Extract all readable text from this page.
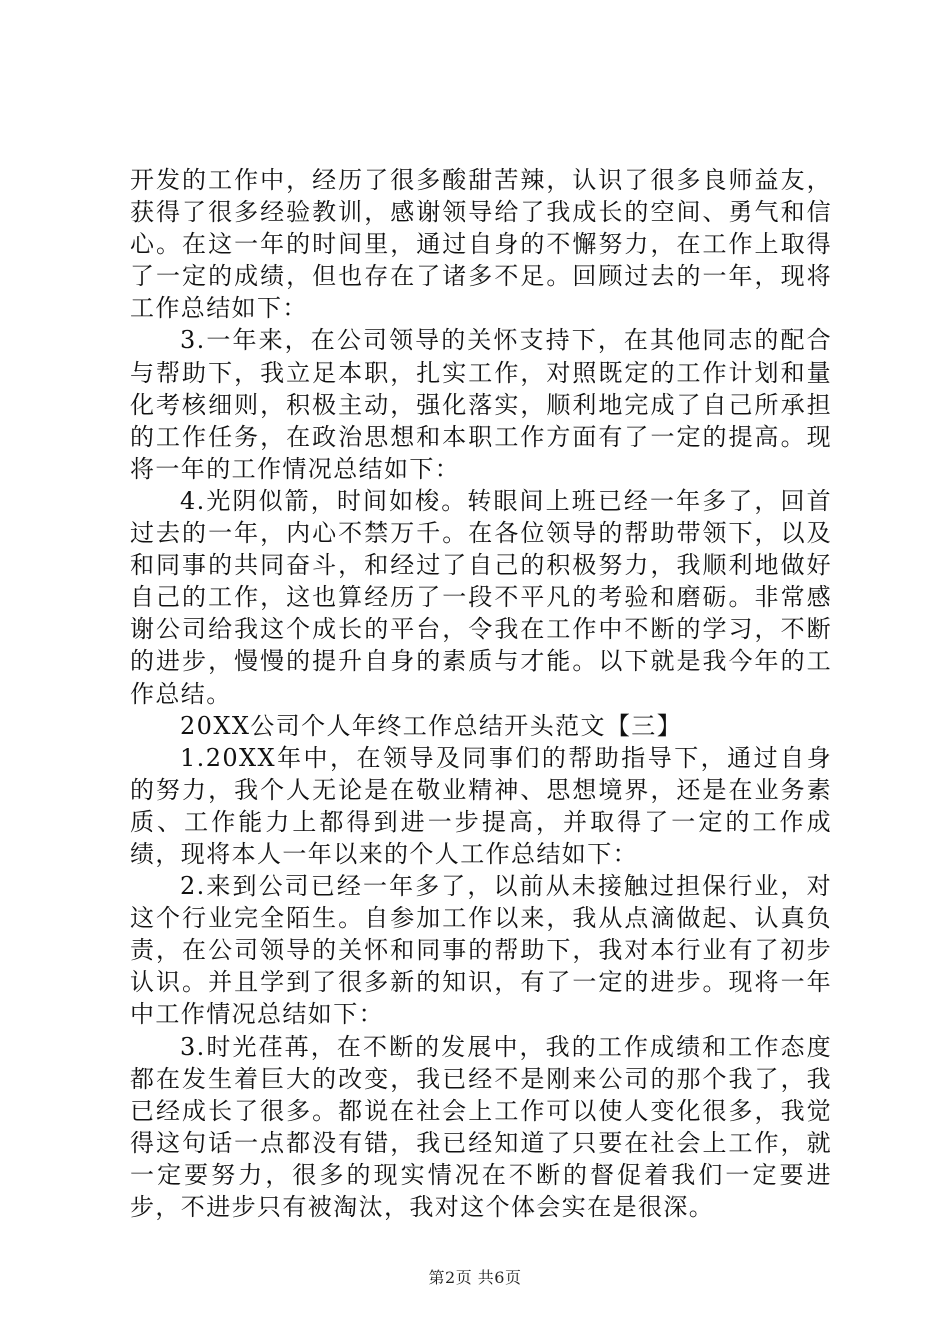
开发的工作中，经历了很多酸甜苦辣，认识了很多良师益友，获得了很多经验教训，感谢领导给了我成长的空间、勇气和信心。在这一年的时间里，通过自身的不懈努力，在工作上取得了一定的成绩，但也存在了诸多不足。回顾过去的一年，现将工作总结如下：

3.一年来，在公司领导的关怀支持下，在其他同志的配合与帮助下，我立足本职，扎实工作，对照既定的工作计划和量化考核细则，积极主动，强化落实，顺利地完成了自己所承担的工作任务，在政治思想和本职工作方面有了一定的提高。现将一年的工作情况总结如下：

4.光阴似箭，时间如梭。转眼间上班已经一年多了，回首过去的一年，内心不禁万千。在各位领导的帮助带领下，以及和同事的共同奋斗，和经过了自己的积极努力，我顺利地做好自己的工作，这也算经历了一段不平凡的考验和磨砺。非常感谢公司给我这个成长的平台，令我在工作中不断的学习，不断的进步，慢慢的提升自身的素质与才能。以下就是我今年的工作总结。

20XX公司个人年终工作总结开头范文【三】

1.20XX年中，在领导及同事们的帮助指导下，通过自身的努力，我个人无论是在敬业精神、思想境界，还是在业务素质、工作能力上都得到进一步提高，并取得了一定的工作成绩，现将本人一年以来的个人工作总结如下：

2.来到公司已经一年多了，以前从未接触过担保行业，对这个行业完全陌生。自参加工作以来，我从点滴做起、认真负责，在公司领导的关怀和同事的帮助下，我对本行业有了初步认识。并且学到了很多新的知识，有了一定的进步。现将一年中工作情况总结如下：

3.时光荏苒，在不断的发展中，我的工作成绩和工作态度都在发生着巨大的改变，我已经不是刚来公司的那个我了，我已经成长了很多。都说在社会上工作可以使人变化很多，我觉得这句话一点都没有错，我已经知道了只要在社会上工作，就一定要努力，很多的现实情况在不断的督促着我们一定要进步，不进步只有被淘汰，我对这个体会实在是很深。

第2页 共6页
